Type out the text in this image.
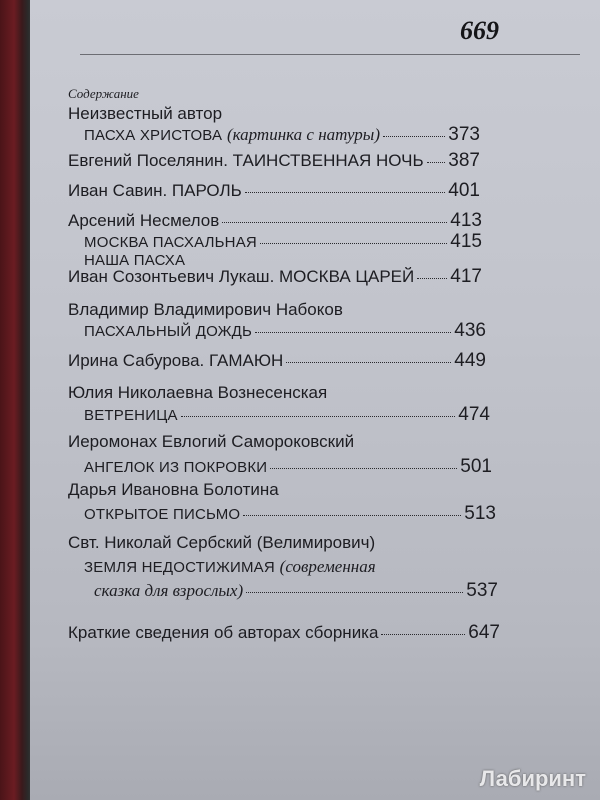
669
Содержание
Неизвестный автор
ПАСХА ХРИСТОВА
(картинка с натуры)	373
Евгений Поселянин. ТАИНСТВЕННАЯ НОЧЬ 387
Иван Савин. ПАРОЛЬ	401
Арсений Несмелов	413
МОСКВА ПАСХАЛЬНАЯ	415
НАША ПАСХА
Иван Созонтьевич Лукаш. МОСКВА ЦАРЕЙ 417
Владимир Владимирович Набоков
ПАСХАЛЬНЫЙ ДОЖДЬ	436
Ирина Сабурова. ГАМАЮН	449
Юлия Николаевна Вознесенская
ВЕТРЕНИЦА	474
Иеромонах Евлогий Самороковский
АНГЕЛОК ИЗ ПОКРОВКИ	501
Дарья Ивановна Болотина
ОТКРЫТОЕ ПИСЬМО	513
Свт. Николай Сербский (Велимирович)
ЗЕМЛЯ НЕДОСТИЖИМАЯ
(современная
сказка для взрослых)	537
Краткие сведения об авторах сборника	647
Лабиринт
